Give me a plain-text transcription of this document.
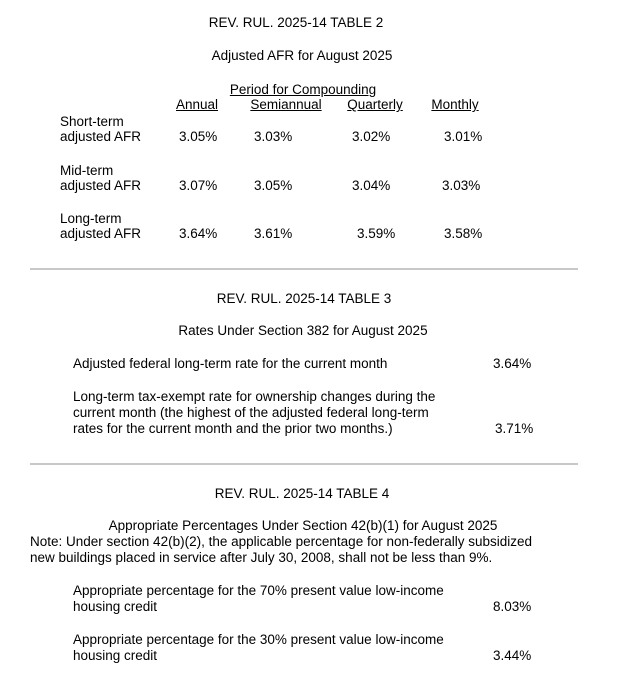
REV. RUL. 2025-14 TABLE 2
Adjusted AFR for August 2025
Period for Compounding
Annual Semiannual Quarterly Monthly
Short-term
adjusted AFR	3.05%	3.03%	3.02%	3.01%
Mid-term
adjusted AFR	3.07%	3.05%	3.04%	3.03%
Long-term
adjusted AFR	3.64%	3.61%	3.59%	3.58%
REV. RUL. 2025-14 TABLE 3
Rates Under Section 382 for August 2025
Adjusted federal long-term rate for the current month	3.64%
Long-term tax-exempt rate for ownership changes during the
current month (the highest of the adjusted federal long-term
rates for the current month and the prior two months.)	3.71%
REV. RUL. 2025-14 TABLE 4
Appropriate Percentages Under Section 42(b)(1) for August 2025
Note: Under section 42(b)(2), the applicable percentage for non-federally subsidized
new buildings placed in service after July 30, 2008, shall not be less than 9%.
Appropriate percentage for the 70% present value low-income
housing credit	8.03%
Appropriate percentage for the 30% present value low-income
housing credit	3.44%
